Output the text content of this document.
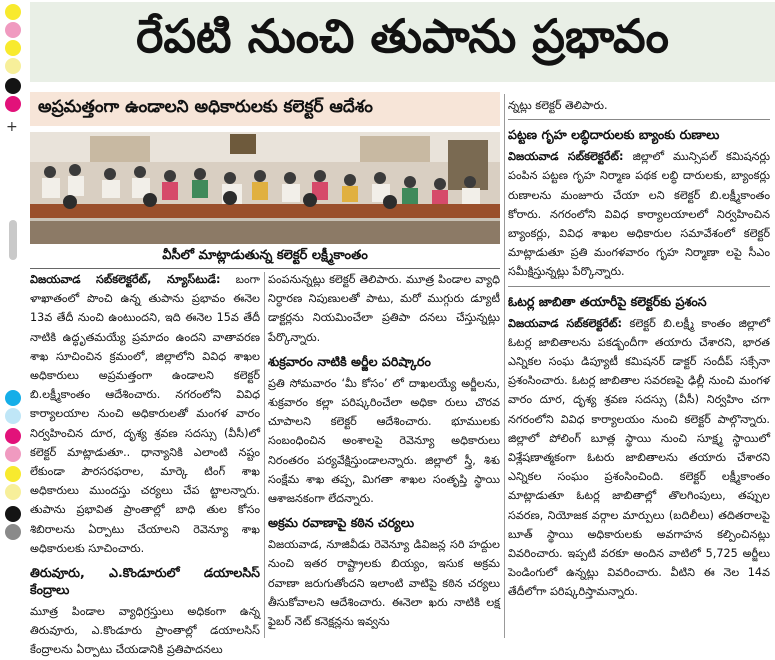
+
రేపటి నుంచి తుపాను ప్రభావం
అప్రమత్తంగా ఉండాలని అధికారులకు కలెక్టర్ ఆదేశం
వీసీలో మాట్లాడుతున్న కలెక్టర్ లక్ష్మీకాంతం

విజయవాడ సబ్‌కలెక్టరేట్, న్యూస్‌టుడే: బంగా ళాఖాతంలో పొంచి ఉన్న తుపాను ప్రభావం ఈనెల 13వ తేదీ నుంచి ఉంటుందని, ఇది ఈనెల 15వ తేదీ నాటికి ఉద్ధృతమయ్యే ప్రమాదం ఉందని వాతావరణ శాఖ సూచించిన క్రమంలో, జిల్లాలోని వివిధ శాఖల అధికారులు అప్రమత్తంగా ఉండాలని కలెక్టర్ బి.లక్ష్మీకాంతం ఆదేశించారు. నగరంలోని వివిధ కార్యాలయాల నుంచి అధికారులతో మంగళ వారం నిర్వహించిన దూర, దృశ్య శ్రవణ సదస్సు (వీసీ)లో కలెక్టర్ మాట్లాడుతూ.. ధాన్యానికి ఎలాంటి నష్టం లేకుండా పౌరసరఫరాల, మార్కె టింగ్ శాఖ అధికారులు ముందస్తు చర్యలు చేప ట్టాలన్నారు. తుపాను ప్రభావిత ప్రాంతాల్లో బాధి తుల కోసం శిబిరాలను ఏర్పాటు చేయాలని రెవెన్యూ శాఖ అధికారులకు సూచించారు.

తిరువూరు, ఎ.కొండూరులో డయాలసిస్ కేంద్రాలు

మూత్ర పిండాల వ్యాధిగ్రస్తులు అధికంగా ఉన్న తిరువూరు, ఎ.కొండూరు ప్రాంతాల్లో డయాలసిస్ కేంద్రాలను ఏర్పాటు చేయడానికి ప్రతిపాదనలు

పంపనున్నట్లు కలెక్టర్ తెలిపారు. మూత్ర పిండాల వ్యాధి నిర్ధారణ నిపుణులతో పాటు, మరో ముగ్గురు డ్యూటీ డాక్టర్లను నియమించేలా ప్రతిపా దనలు చేస్తున్నట్లు పేర్కొన్నారు.

శుక్రవారం నాటికి అర్జీల పరిష్కారం

ప్రతి సోమవారం ‘మీ కోసం’ లో దాఖలయ్యే అర్జీలను, శుక్రవారం కల్లా పరిష్కరించేలా అధికా రులు చొరవ చూపాలని కలెక్టర్ ఆదేశించారు. భూములకు సంబంధించిన అంశాలపై రెవెన్యూ అధికారులు నిరంతరం పర్యవేక్షిస్తుండాలన్నారు. జిల్లాలో స్త్రీ, శిశు సంక్షేమ శాఖ తప్ప, మిగతా శాఖల సంతృప్తి స్థాయి ఆశాజనకంగా లేదన్నారు.

అక్రమ రవాణాపై కఠిన చర్యలు

విజయవాడ, నూజివీడు రెవెన్యూ డివిజన్ల సరి హద్దుల నుంచి ఇతర రాష్ట్రాలకు బియ్యం, ఇసుక అక్రమ రవాణా జరుగుతోందని ఇలాంటి వాటిపై కఠిన చర్యలు తీసుకోవాలని ఆదేశించారు. ఈనెలా ఖరు నాటికి లక్ష ఫైబర్ నెట్ కనెక్షన్లను ఇవ్వను

న్నట్లు కలెక్టర్ తెలిపారు.

పట్టణ గృహ లబ్ధిదారులకు బ్యాంకు రుణాలు

విజయవాడ సబ్‌కలెక్టరేట్: జిల్లాలో మున్సిపల్ కమిషనర్లు పంపిన పట్టణ గృహ నిర్మాణ పథక లబ్ధి దారులకు, బ్యాంకర్లు రుణాలను మంజూరు చేయా లని కలెక్టర్ బి.లక్ష్మీకాంతం కోరారు. నగరంలోని వివిధ కార్యాలయాలలో నిర్వహించిన బ్యాంకర్లు, వివిధ శాఖల అధికారుల సమావేశంలో కలెక్టర్ మాట్లాడుతూ ప్రతి మంగళవారం గృహ నిర్మాణా లపై సీఎం సమీక్షిస్తున్నట్లు పేర్కొన్నారు.

ఓటర్ల జాబితా తయారీపై కలెక్టర్‌కు ప్రశంస

విజయవాడ సబ్‌కలెక్టరేట్: కలెక్టర్ బి.లక్ష్మీ కాంతం జిల్లాలో ఓటర్ల జాబితాలను పకడ్బందీగా తయారు చేశారని, భారత ఎన్నికల సంఘ డిప్యూటీ కమిషనర్ డాక్టర్ సందీప్ సక్సేనా ప్రశంసించారు. ఓటర్ల జాబితాల సవరణపై ఢిల్లీ నుంచి మంగళ వారం దూర, దృశ్య శ్రవణ సదస్సు (వీసీ) నిర్వహిం చగా నగరంలోని వివిధ కార్యాలయం నుంచి కలెక్టర్ పాల్గొన్నారు. జిల్లాలో పోలింగ్ బూత్ల స్థాయి నుంచి సూక్ష్మ స్థాయిలో విశ్లేషణాత్మకంగా ఓటరు జాబితాలను తయారు చేశారని ఎన్నికల సంఘం ప్రశంసించింది. కలెక్టర్ లక్ష్మీకాంతం మాట్లాడుతూ ఓటర్ల జాబితాల్లో తొలగింపులు, తప్పుల సవరణ, నియోజక వర్గాల మార్పులు (బదిలీలు) తదితరాలపై బూత్ స్థాయి అధికారులకు అవగాహన కల్పించినట్లు వివరించారు. ఇప్పటి వరకూ అందిన వాటిలో 5,725 అర్జీలు పెండింగులో ఉన్నట్లు వివరించారు. వీటిని ఈ నెల 14వ తేదీలోగా పరిష్కరిస్తామన్నారు.
